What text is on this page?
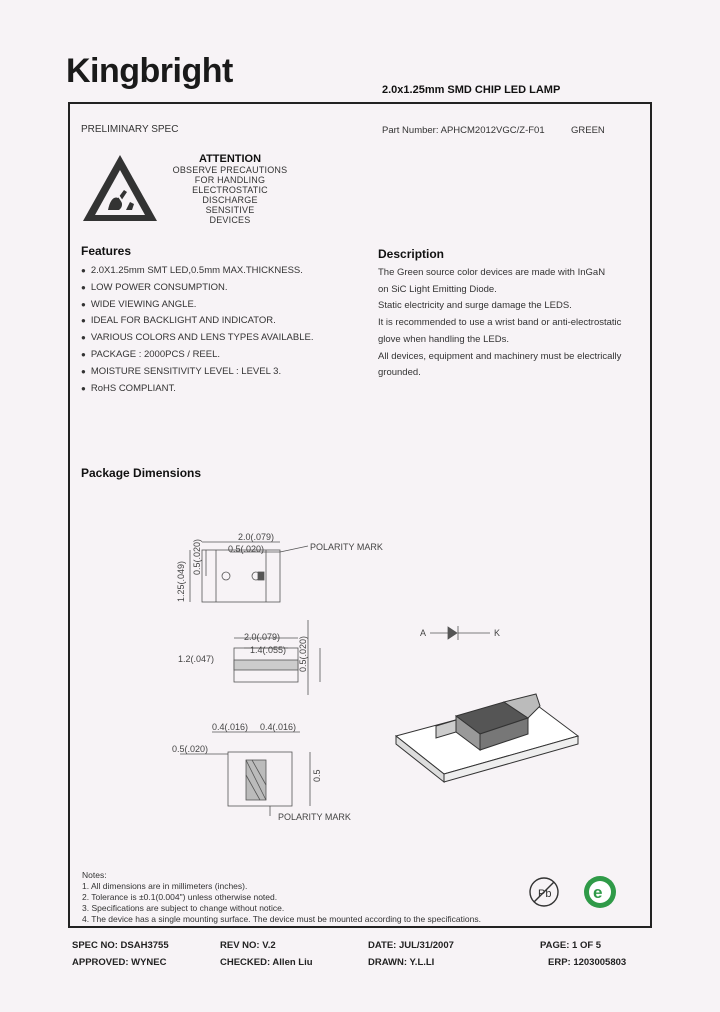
Kingbright	2.0x1.25mm SMD CHIP LED LAMP
PRELIMINARY SPEC	Part Number: APHCM2012VGC/Z-F01	GREEN
ATTENTION
OBSERVE PRECAUTIONS
FOR HANDLING
ELECTROSTATIC
DISCHARGE
SENSITIVE
DEVICES
Features
● 2.0X1.25mm SMT LED,0.5mm MAX.THICKNESS.
● LOW POWER CONSUMPTION.
● WIDE VIEWING ANGLE.
● IDEAL FOR BACKLIGHT AND INDICATOR.
● VARIOUS COLORS AND LENS TYPES AVAILABLE.
● PACKAGE : 2000PCS / REEL.
● MOISTURE SENSITIVITY LEVEL : LEVEL 3.
● RoHS COMPLIANT.
Description
The Green source color devices are made with InGaN
on SiC Light Emitting Diode.
Static electricity and surge damage the LEDS.
It is recommended to use a wrist band or anti-electrostatic
glove when handling the LEDs.
All devices, equipment and machinery must be electrically
grounded.
Package Dimensions
2.0(.079)
0.5(.020)	POLARITY MARK
1.25(.049)
0.5(.020)
2.0(.079)
1.4(.055)
1.2(.047)	0.5(.020)
0.4(.016) 0.4(.016)
0.5
0.5(.020)
POLARITY MARK
A	K
Notes:
1. All dimensions are in millimeters (inches).
2. Tolerance is ±0.1(0.004") unless otherwise noted.
3. Specifications are subject to change without notice.
4. The device has a single mounting surface. The device must be mounted according to the specifications.
Pb e
SPEC NO: DSAH3755	REV NO: V.2	DATE: JUL/31/2007	PAGE: 1 OF 5
APPROVED: WYNEC	CHECKED: Allen Liu	DRAWN: Y.L.LI	ERP: 1203005803
